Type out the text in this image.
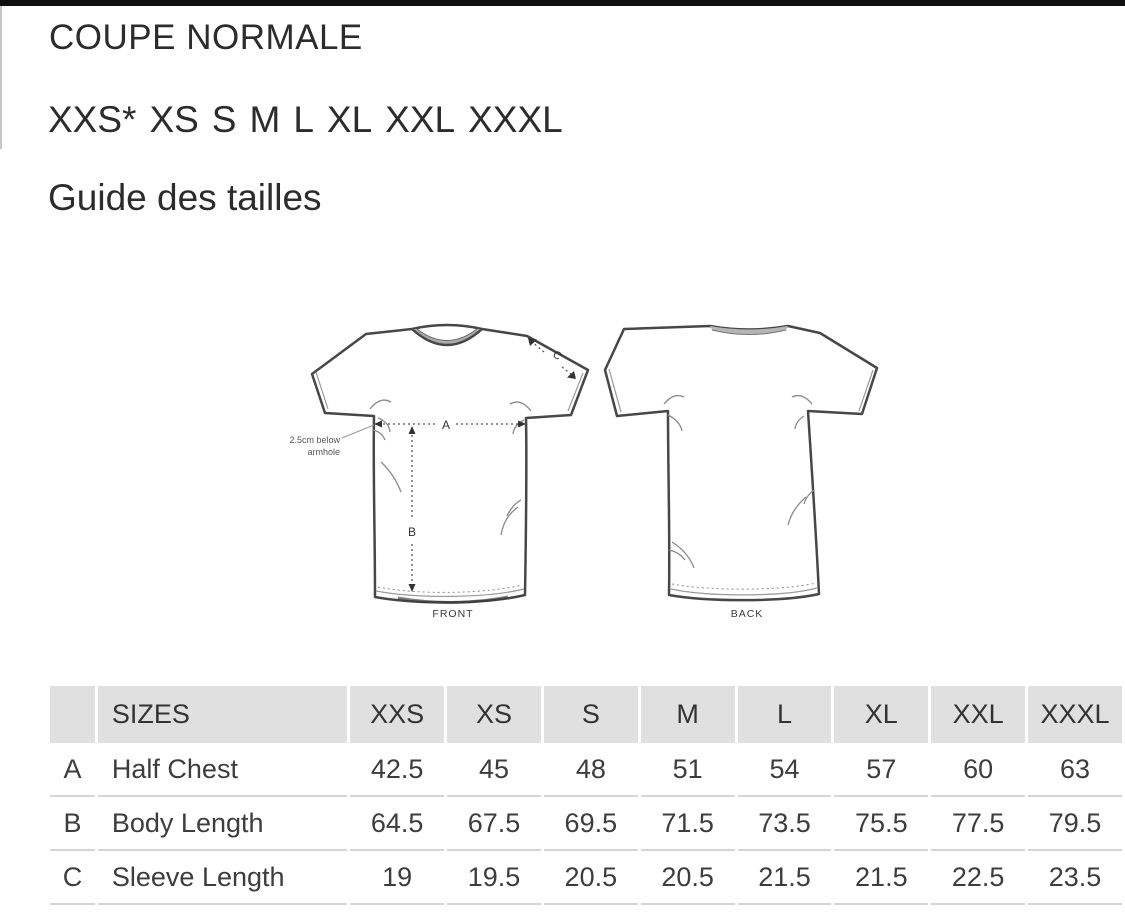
COUPE NORMALE
XXS* XS S M L XL XXL XXXL
Guide des tailles
A
B
C
2.5cm below
armhole
FRONT	BACK
	SIZES	XXS	XS	S	M	L	XL	XXL	XXXL
A	Half Chest	42.5	45	48	51	54	57	60	63
B	Body Length	64.5	67.5	69.5	71.5	73.5	75.5	77.5	79.5
C	Sleeve Length	19	19.5	20.5	20.5	21.5	21.5	22.5	23.5
